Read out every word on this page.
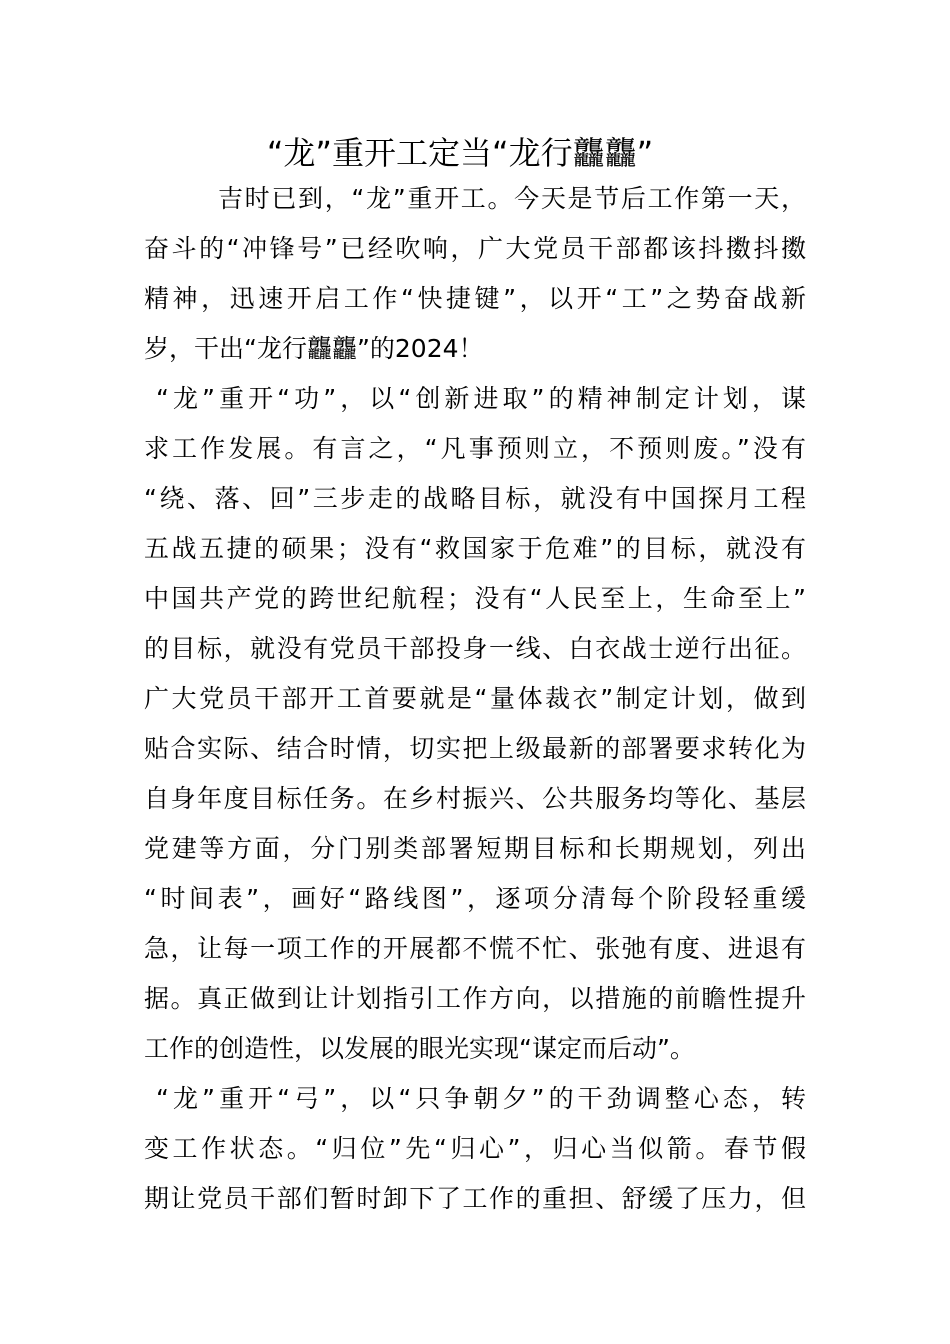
“龙”重开工定当“龙行龘龘”
吉时已到，“龙”重开工。今天是节后工作第一天，
奋斗的“冲锋号”已经吹响，广大党员干部都该抖擞抖擞
精神，迅速开启工作“快捷键”，以开“工”之势奋战新
岁，干出“龙行龘龘”的2024！
“龙”重开“功”，以“创新进取”的精神制定计划，谋
求工作发展。有言之，“凡事预则立，不预则废。”没有
“绕、落、回”三步走的战略目标，就没有中国探月工程
五战五捷的硕果；没有“救国家于危难”的目标，就没有
中国共产党的跨世纪航程；没有“人民至上，生命至上”
的目标，就没有党员干部投身一线、白衣战士逆行出征。
广大党员干部开工首要就是“量体裁衣”制定计划，做到
贴合实际、结合时情，切实把上级最新的部署要求转化为
自身年度目标任务。在乡村振兴、公共服务均等化、基层
党建等方面，分门别类部署短期目标和长期规划，列出
“时间表”，画好“路线图”，逐项分清每个阶段轻重缓
急，让每一项工作的开展都不慌不忙、张弛有度、进退有
据。真正做到让计划指引工作方向，以措施的前瞻性提升
工作的创造性，以发展的眼光实现“谋定而后动”。
“龙”重开“弓”，以“只争朝夕”的干劲调整心态，转
变工作状态。“归位”先“归心”，归心当似箭。春节假
期让党员干部们暂时卸下了工作的重担、舒缓了压力，但
